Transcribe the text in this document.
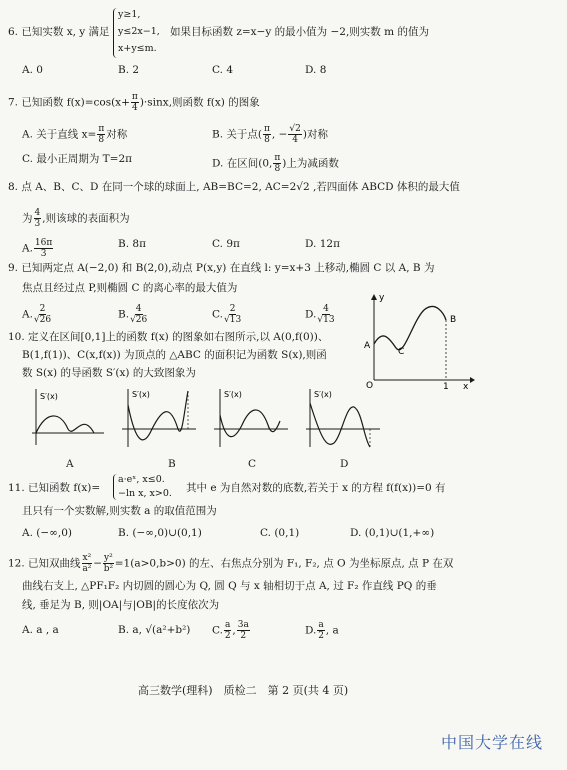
6. 已知实数 x, y 满足
y≥1,
y≤2x−1,
x+y≤m.
如果目标函数 z=x−y 的最小值为 −2,则实数 m 的值为
A. 0	B. 2	C. 4	D. 8
7. 已知函数 $f(x)=\cos(x+ \frac{\pi}{4} )\cdot\sin x$,则函数 f(x) 的图象
A. 关于直线 $x= \frac{\pi}{8}$ 对称	B. 关于点( $\frac{\pi}{8}$ , − $\frac{√2}{4}$ )对称
C. 最小正周期为 T=2π	D. 在区间(0, $\frac{\pi}{8}$ )上为减函数
8. 点 A、B、C、D 在同一个球的球面上, AB=BC=2, AC=2√2 ,若四面体 ABCD 体积的最大值
为 $\frac{4}{3}$ ,则该球的表面积为
A. $\frac{16\pi}{3}$	B. 8π	C. 9π	D. 12π
9. 已知两定点 A(−2,0) 和 B(2,0),动点 P(x,y) 在直线 l: y=x+3 上移动,椭圆 C 以 A, B 为
焦点且经过点 P,则椭圆 C 的离心率的最大值为
A. $\frac{2}{√26}$	B. $\frac{4}{√26}$	C. $\frac{2}{√13}$	D. $\frac{4}{√13}$
y
A
B
C
O	1 x
10. 定义在区间[0,1]上的函数 f(x) 的图象如右图所示,以 A(0,f(0))、
B(1,f(1))、C(x,f(x)) 为顶点的 △ABC 的面积记为函数 S(x),则函
数 S(x) 的导函数 S′(x) 的大致图象为
S′(x)	S′(x)	S′(x)	S′(x)
A	B	C	D
11. 已知函数 f(x)=
a·eˣ, x≤0.
−ln x, x>0. 其中 e 为自然对数的底数,若关于 x 的方程 f(f(x))=0 有
且只有一个实数解,则实数 a 的取值范围为
A. (−∞,0)	B. (−∞,0)∪(0,1)	C. (0,1)	D. (0,1)∪(1,+∞)
12. 已知双曲线 $\frac{\text{x²}}{\text{a²}} - \frac{\text{y²}}{\text{b²}} =1(a>0,b>0)$ 的左、右焦点分别为 F₁, F₂, 点 O 为坐标原点, 点 P 在双
曲线右支上, △PF₁F₂ 内切圆的圆心为 Q, 圆 Q 与 x 轴相切于点 A, 过 F₂ 作直线 PQ 的垂
线, 垂足为 B, 则|OA|与|OB|的长度依次为
A. a , a	B. a, √(a²+b²) C. $\frac{a}{2}$ , $\frac{3a}{2}$	D. $\frac{a}{2}$ , a
高三数学(理科)　质检二　第 2 页(共 4 页)
中国大学在线
